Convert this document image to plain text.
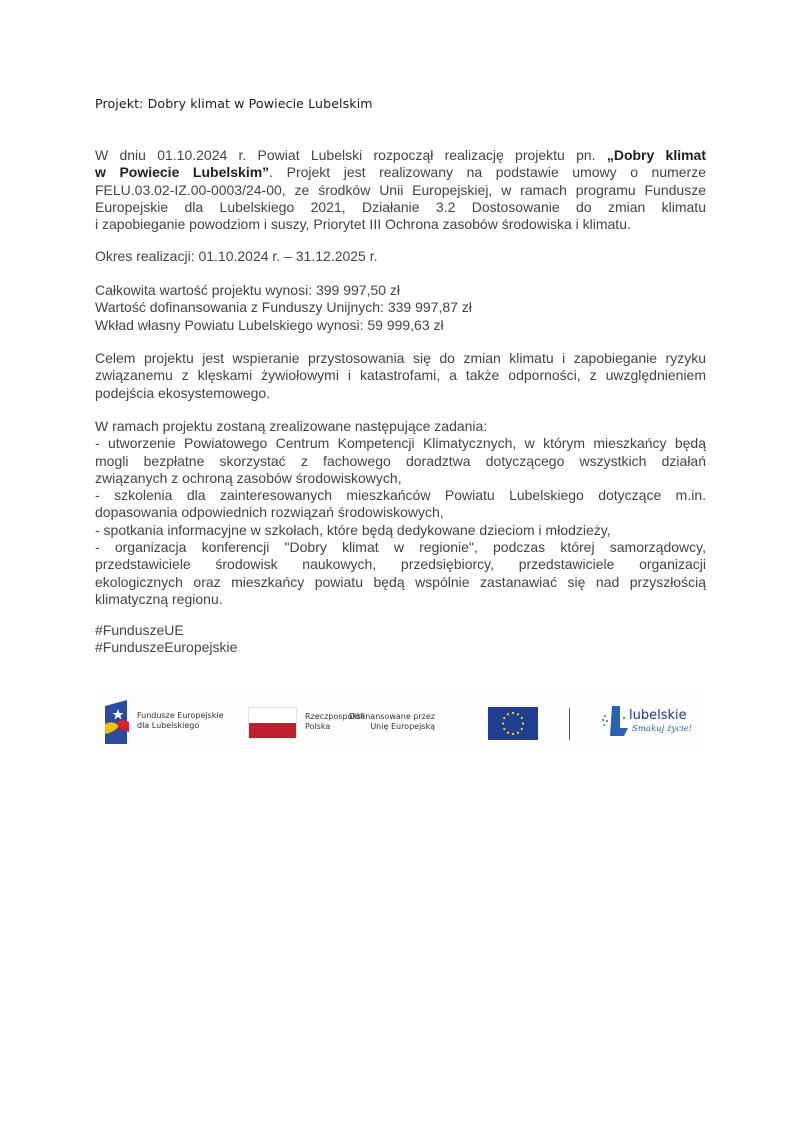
Projekt: Dobry klimat w Powiecie Lubelskim
W dniu 01.10.2024 r. Powiat Lubelski rozpoczął realizację projektu pn. „Dobry klimat
w Powiecie Lubelskim”. Projekt jest realizowany na podstawie umowy o numerze
FELU.03.02-IZ.00-0003/24-00, ze środków Unii Europejskiej, w ramach programu Fundusze
Europejskie dla Lubelskiego 2021, Działanie 3.2 Dostosowanie do zmian klimatu
i zapobieganie powodziom i suszy, Priorytet III Ochrona zasobów środowiska i klimatu.
Okres realizacji: 01.10.2024 r. – 31.12.2025 r.
Całkowita wartość projektu wynosi: 399 997,50 zł
Wartość dofinansowania z Funduszy Unijnych: 339 997,87 zł
Wkład własny Powiatu Lubelskiego wynosi: 59 999,63 zł
Celem projektu jest wspieranie przystosowania się do zmian klimatu i zapobieganie ryzyku
związanemu z klęskami żywiołowymi i katastrofami, a także odporności, z uwzględnieniem
podejścia ekosystemowego.
W ramach projektu zostaną zrealizowane następujące zadania:
- utworzenie Powiatowego Centrum Kompetencji Klimatycznych, w którym mieszkańcy będą
mogli bezpłatne skorzystać z fachowego doradztwa dotyczącego wszystkich działań
związanych z ochroną zasobów środowiskowych,
- szkolenia dla zainteresowanych mieszkańców Powiatu Lubelskiego dotyczące m.in.
dopasowania odpowiednich rozwiązań środowiskowych,
- spotkania informacyjne w szkołach, które będą dedykowane dzieciom i młodzieży,
- organizacja konferencji "Dobry klimat w regionie", podczas której samorządowcy,
przedstawiciele środowisk naukowych, przedsiębiorcy, przedstawiciele organizacji
ekologicznych oraz mieszkańcy powiatu będą wspólnie zastanawiać się nad przyszłością
klimatyczną regionu.
#FunduszeUE
#FunduszeEuropejskie
Fundusze Europejskie
dla Lubelskiego
Rzeczpospolita
Polska
Dofinansowane przez
Unię Europejską
lubelskie
Smakuj życie!
